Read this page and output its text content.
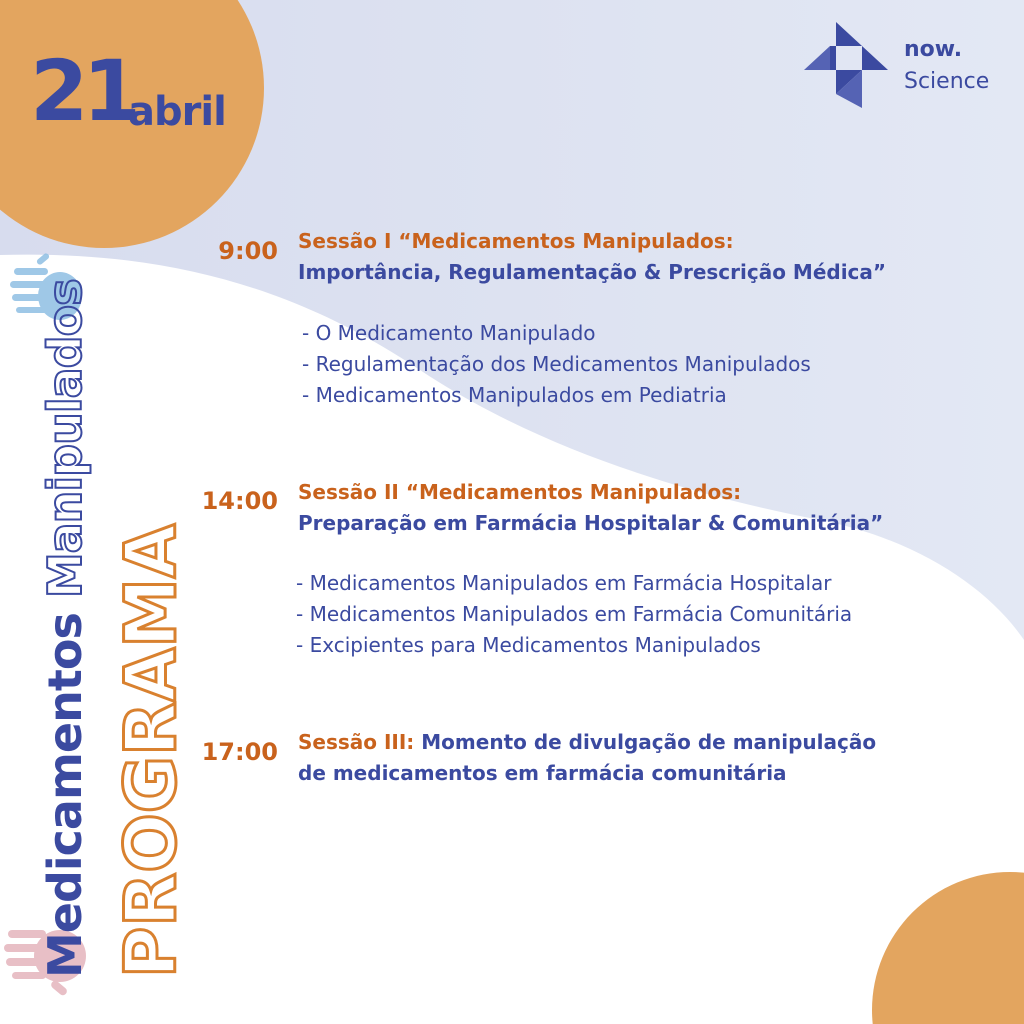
21
abril
now.
Science
Medicamentos Manipulados
PROGRAMA
9:00 Sessão I “Medicamentos Manipulados:
Importância, Regulamentação & Prescrição Médica”
- O Medicamento Manipulado
- Regulamentação dos Medicamentos Manipulados
- Medicamentos Manipulados em Pediatria
14:00 Sessão II “Medicamentos Manipulados:
Preparação em Farmácia Hospitalar & Comunitária”
- Medicamentos Manipulados em Farmácia Hospitalar
- Medicamentos Manipulados em Farmácia Comunitária
- Excipientes para Medicamentos Manipulados
17:00 Sessão III: Momento de divulgação de manipulação
de medicamentos em farmácia comunitária
